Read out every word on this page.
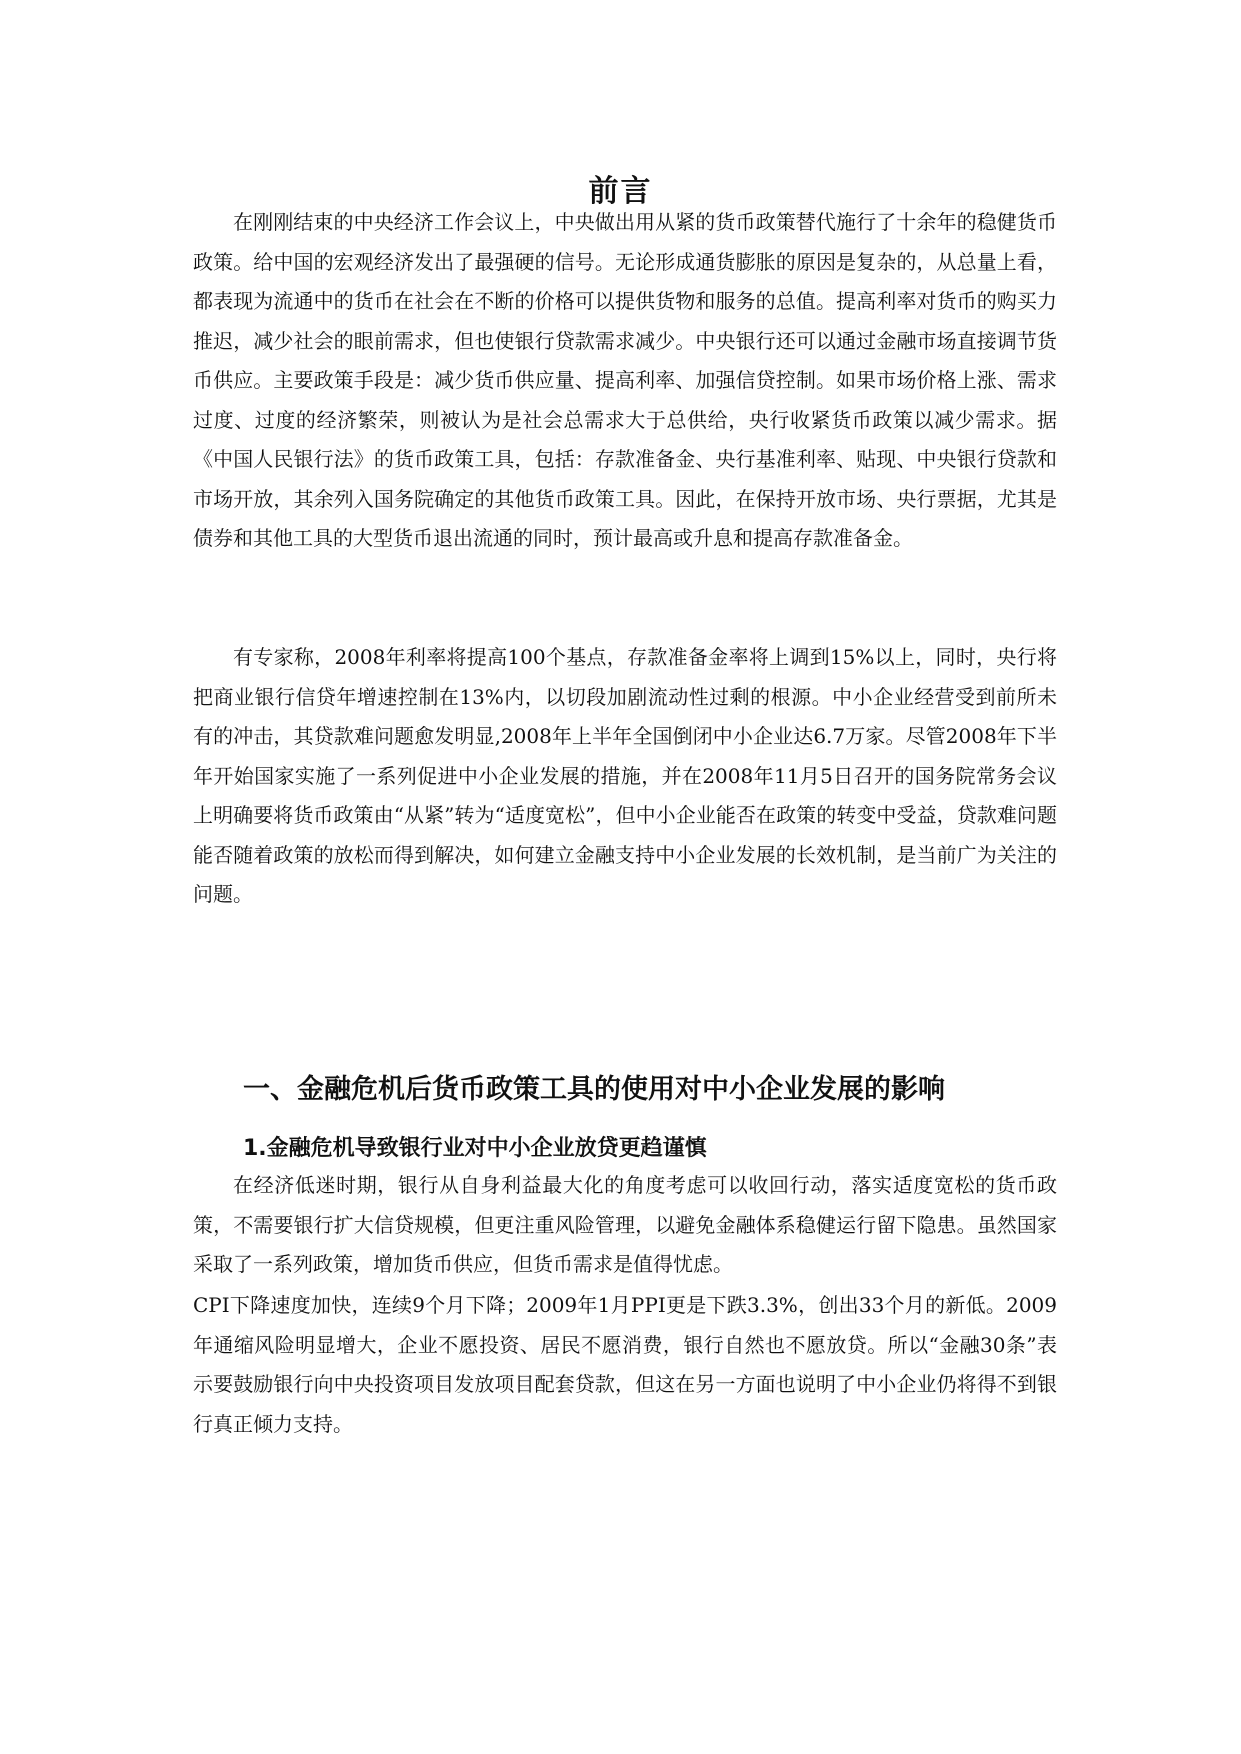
前言

在刚刚结束的中央经济工作会议上，中央做出用从紧的货币政策替代施行了十余年的稳健货币政策。给中国的宏观经济发出了最强硬的信号。无论形成通货膨胀的原因是复杂的，从总量上看，都表现为流通中的货币在社会在不断的价格可以提供货物和服务的总值。提高利率对货币的购买力推迟，减少社会的眼前需求，但也使银行贷款需求减少。中央银行还可以通过金融市场直接调节货币供应。主要政策手段是：减少货币供应量、提高利率、加强信贷控制。如果市场价格上涨、需求过度、过度的经济繁荣，则被认为是社会总需求大于总供给，央行收紧货币政策以减少需求。据《中国人民银行法》的货币政策工具，包括：存款准备金、央行基准利率、贴现、中央银行贷款和市场开放，其余列入国务院确定的其他货币政策工具。因此，在保持开放市场、央行票据，尤其是债券和其他工具的大型货币退出流通的同时，预计最高或升息和提高存款准备金。

有专家称，2008年利率将提高100个基点，存款准备金率将上调到15%以上，同时，央行将把商业银行信贷年增速控制在13%内，以切段加剧流动性过剩的根源。中小企业经营受到前所未有的冲击，其贷款难问题愈发明显,2008年上半年全国倒闭中小企业达6.7万家。尽管2008年下半年开始国家实施了一系列促进中小企业发展的措施，并在2008年11月5日召开的国务院常务会议上明确要将货币政策由“从紧”转为“适度宽松”，但中小企业能否在政策的转变中受益，贷款难问题能否随着政策的放松而得到解决，如何建立金融支持中小企业发展的长效机制，是当前广为关注的问题。

一、金融危机后货币政策工具的使用对中小企业发展的影响
1.金融危机导致银行业对中小企业放贷更趋谨慎

在经济低迷时期，银行从自身利益最大化的角度考虑可以收回行动，落实适度宽松的货币政策，不需要银行扩大信贷规模，但更注重风险管理，以避免金融体系稳健运行留下隐患。虽然国家采取了一系列政策，增加货币供应，但货币需求是值得忧虑。

CPI下降速度加快，连续9个月下降；2009年1月PPI更是下跌3.3%，创出33个月的新低。2009年通缩风险明显增大，企业不愿投资、居民不愿消费，银行自然也不愿放贷。所以“金融30条”表示要鼓励银行向中央投资项目发放项目配套贷款，但这在另一方面也说明了中小企业仍将得不到银行真正倾力支持。
